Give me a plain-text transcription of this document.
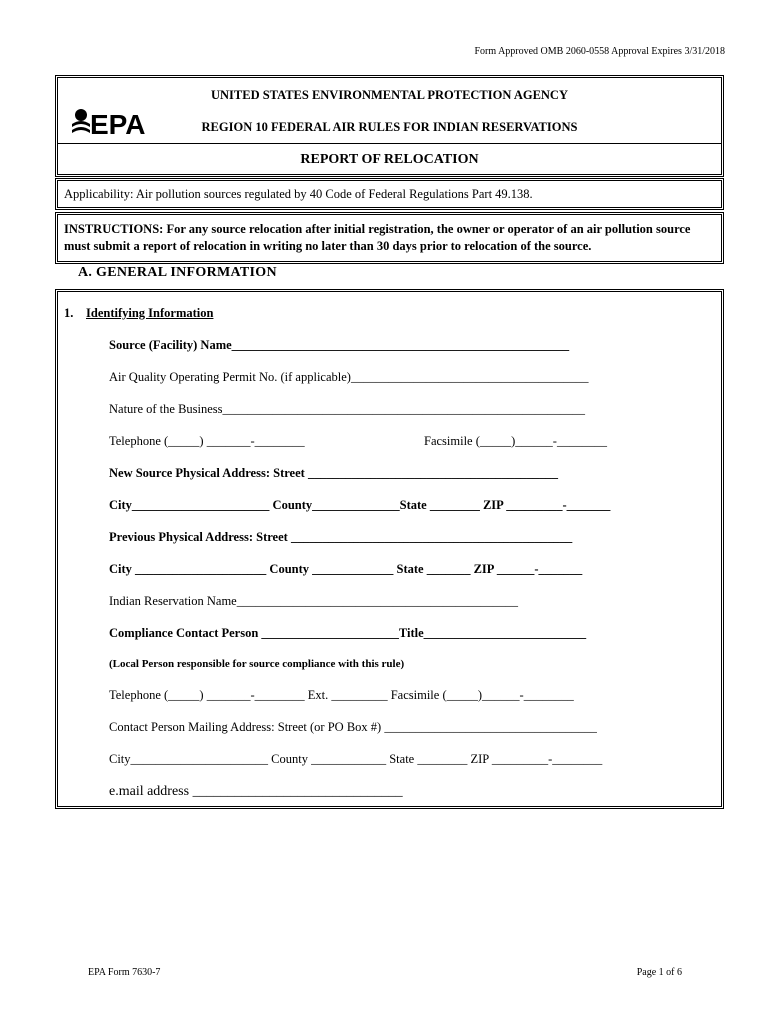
Form Approved OMB 2060-0558 Approval Expires 3/31/2018
EPA
UNITED STATES ENVIRONMENTAL PROTECTION AGENCY
REGION 10 FEDERAL AIR RULES FOR INDIAN RESERVATIONS
REPORT OF RELOCATION
Applicability: Air pollution sources regulated by 40 Code of Federal Regulations Part 49.138.
INSTRUCTIONS: For any source relocation after initial registration, the owner or operator of an air pollution source must submit a report of relocation in writing no later than 30 days prior to relocation of the source.
A. GENERAL INFORMATION
1. Identifying Information
Source (Facility) Name______________________________________________________
Air Quality Operating Permit No. (if applicable)______________________________________
Nature of the Business__________________________________________________________
Telephone (_____) _______-________	Facsimile (_____)______-________
New Source Physical Address: Street ________________________________________
City______________________ County______________State ________ ZIP _________-_______
Previous Physical Address: Street _____________________________________________
City _____________________ County _____________ State _______ ZIP ______-_______
Indian Reservation Name_____________________________________________
Compliance Contact Person ______________________Title__________________________
(Local Person responsible for source compliance with this rule)
Telephone (_____) _______-________ Ext. _________ Facsimile (_____)______-________
Contact Person Mailing Address: Street (or PO Box #) __________________________________
City______________________ County ____________ State ________ ZIP _________-________
e.mail address ______________________________
EPA Form 7630-7	Page 1 of 6
